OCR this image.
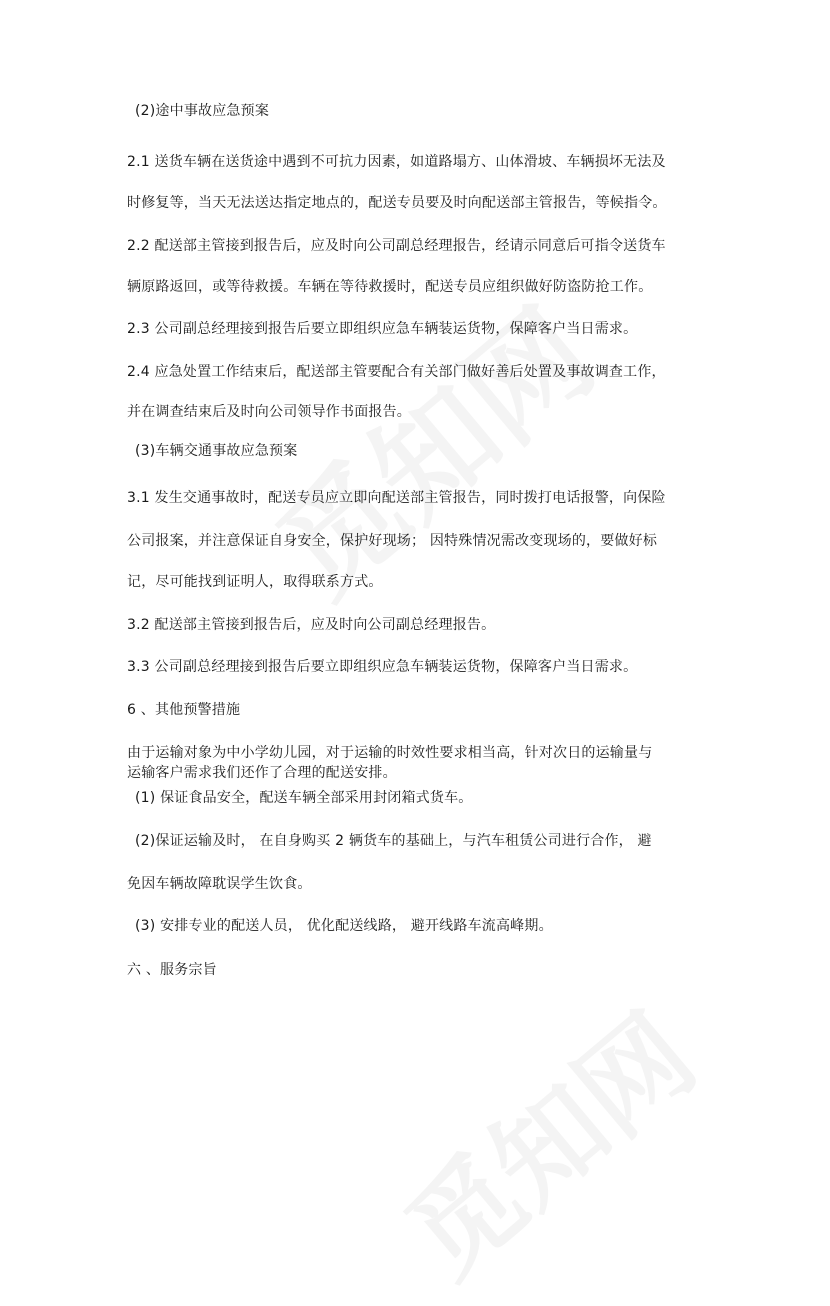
(2)途中事故应急预案
2.1 送货车辆在送货途中遇到不可抗力因素，如道路塌方、山体滑坡、车辆损坏无法及
时修复等，当天无法送达指定地点的，配送专员要及时向配送部主管报告，等候指令。
2.2 配送部主管接到报告后，应及时向公司副总经理报告，经请示同意后可指令送货车
辆原路返回，或等待救援。车辆在等待救援时，配送专员应组织做好防盗防抢工作。
2.3 公司副总经理接到报告后要立即组织应急车辆装运货物，保障客户当日需求。
2.4 应急处置工作结束后，配送部主管要配合有关部门做好善后处置及事故调查工作，
并在调查结束后及时向公司领导作书面报告。
(3)车辆交通事故应急预案
3.1 发生交通事故时，配送专员应立即向配送部主管报告，同时拨打电话报警，向保险
公司报案，并注意保证自身安全，保护好现场； 因特殊情况需改变现场的，要做好标
记，尽可能找到证明人，取得联系方式。
3.2 配送部主管接到报告后，应及时向公司副总经理报告。
3.3 公司副总经理接到报告后要立即组织应急车辆装运货物，保障客户当日需求。
6 、其他预警措施
由于运输对象为中小学幼儿园，对于运输的时效性要求相当高，针对次日的运输量与
运输客户需求我们还作了合理的配送安排。
(1) 保证食品安全，配送车辆全部采用封闭箱式货车。
(2)保证运输及时， 在自身购买 2 辆货车的基础上，与汽车租赁公司进行合作， 避
免因车辆故障耽误学生饮食。
(3) 安排专业的配送人员， 优化配送线路， 避开线路车流高峰期。
六 、服务宗旨
